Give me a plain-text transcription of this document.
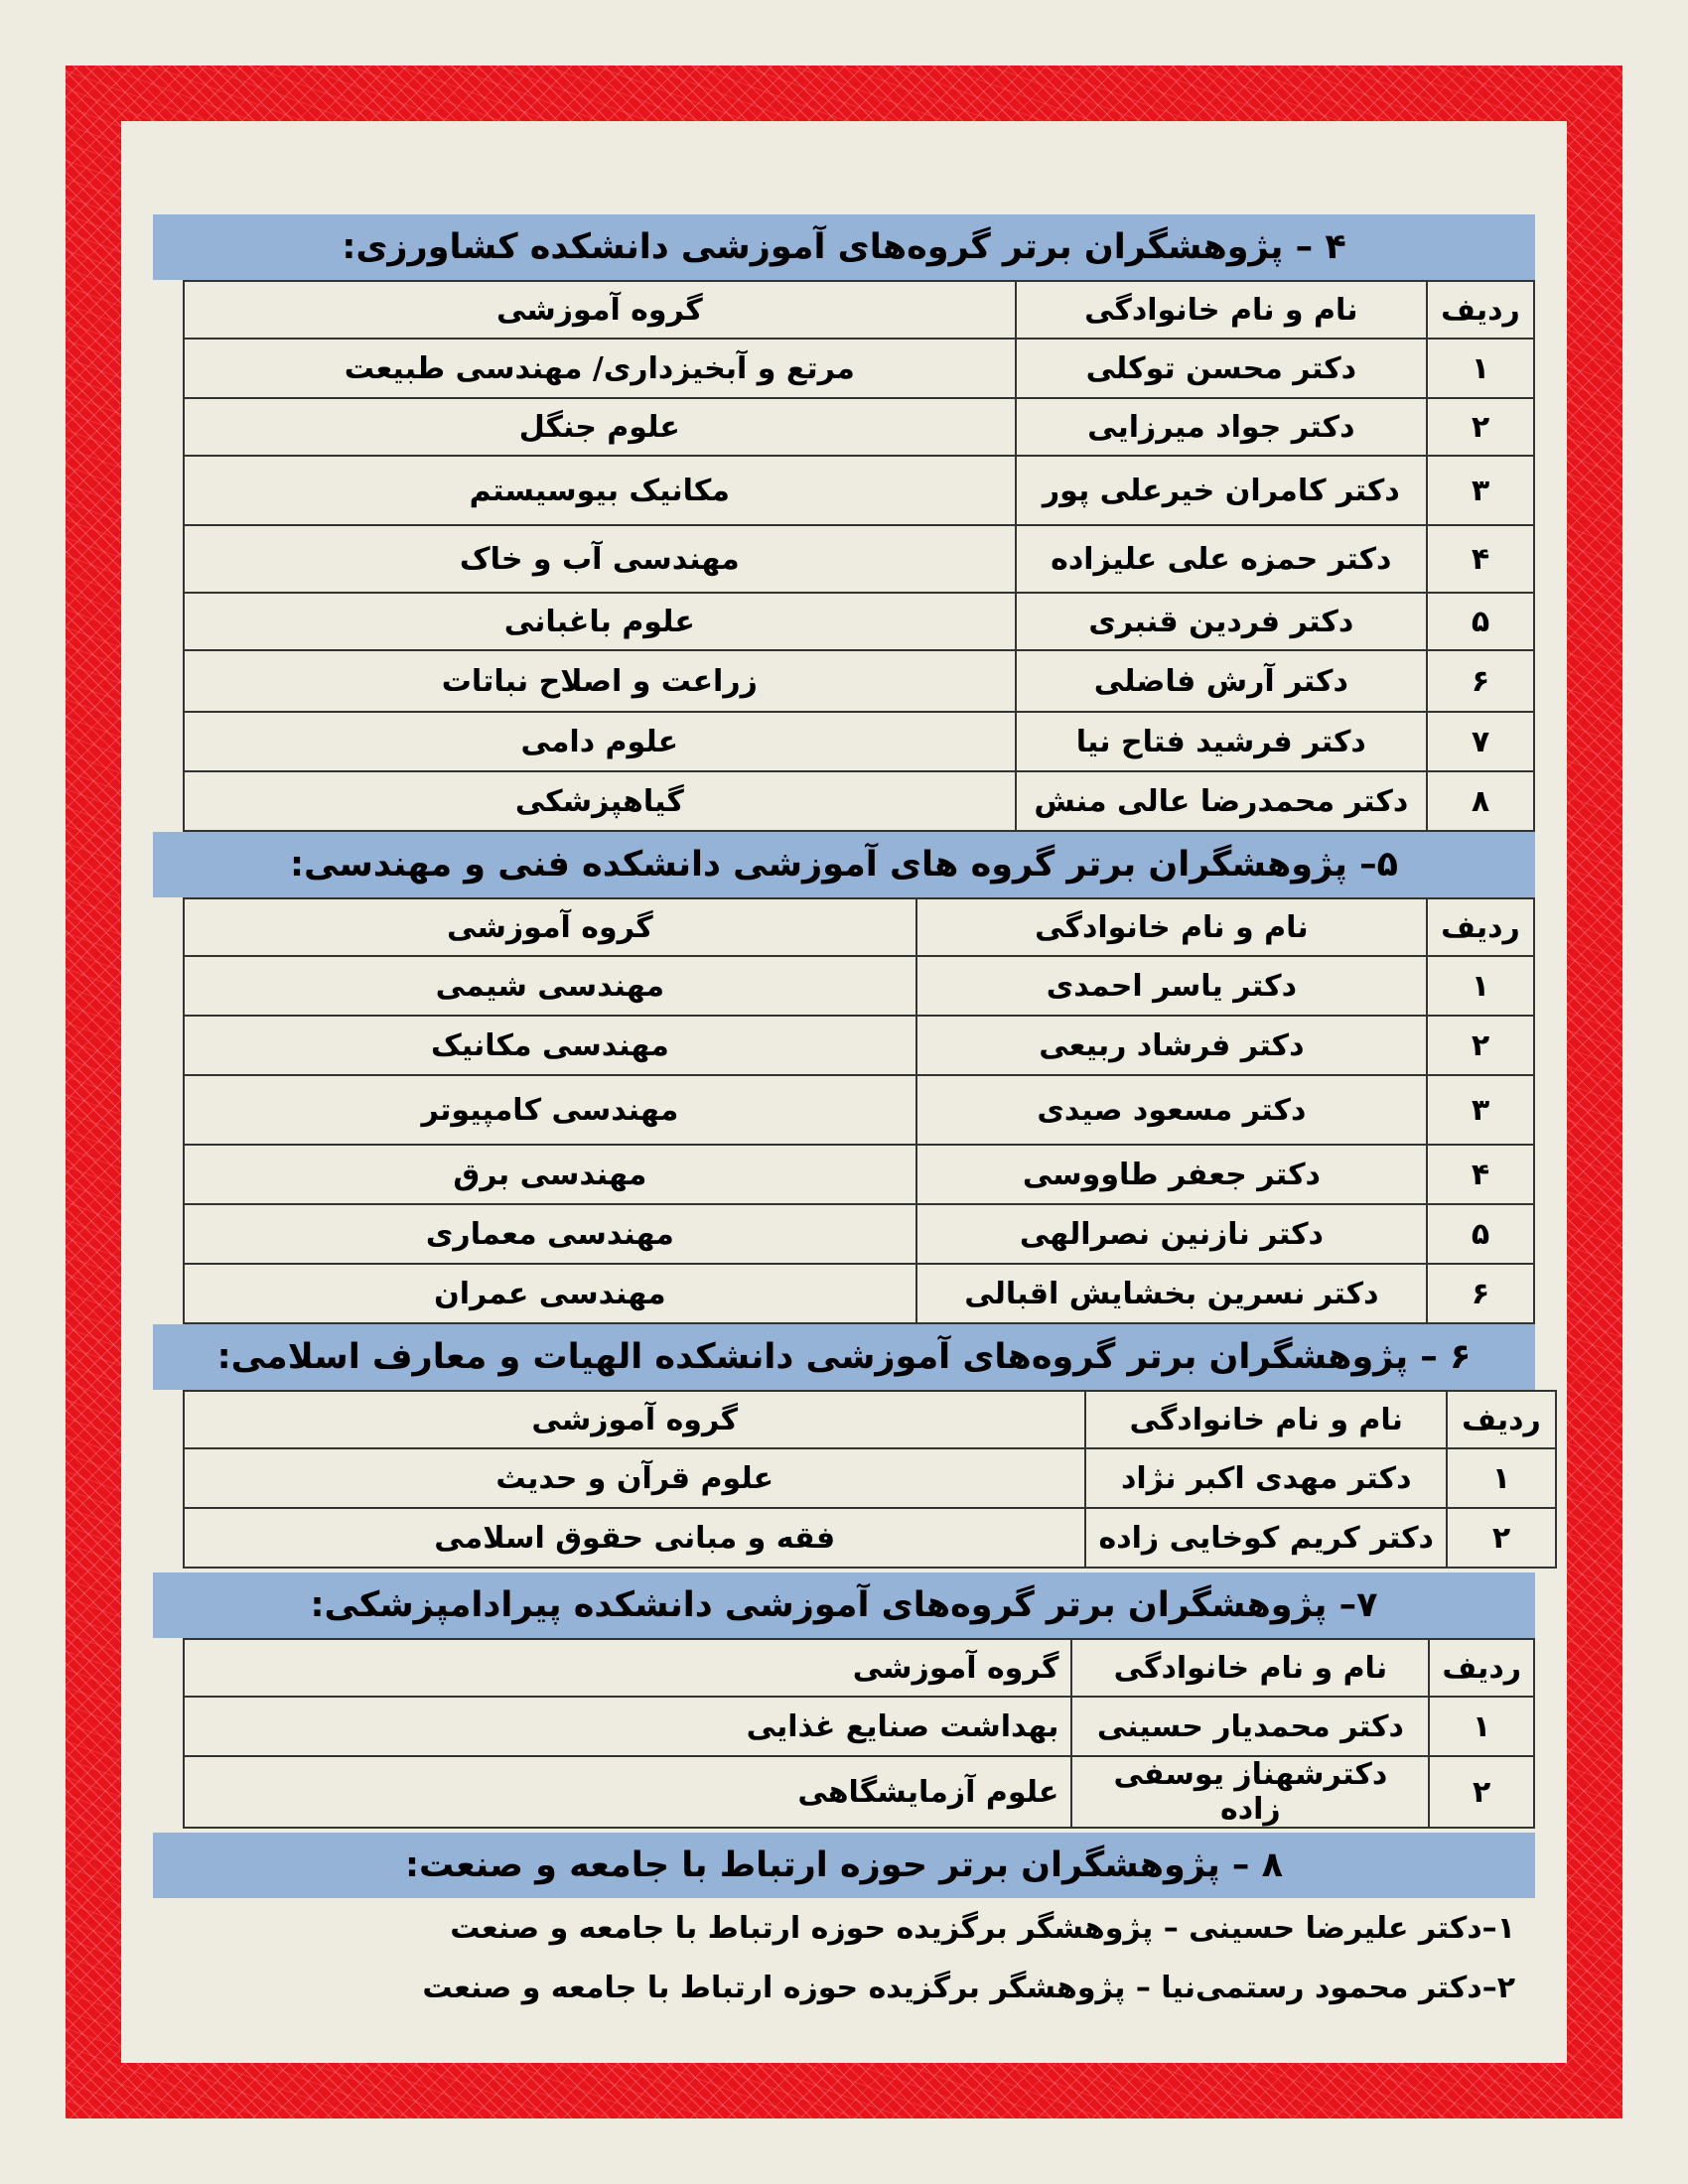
۴ – پژوهشگران برتر گروه‌های آموزشی دانشکده کشاورزی:
ردیف	نام و نام خانوادگی	گروه آموزشی
۱	دکتر محسن توکلی	مرتع و آبخیزداری/ مهندسی طبیعت
۲	دکتر جواد میرزایی	علوم جنگل
۳	دکتر کامران خیرعلی پور	مکانیک بیوسیستم
۴	دکتر حمزه علی علیزاده	مهندسی آب و خاک
۵	دکتر فردین قنبری	علوم باغبانی
۶	دکتر آرش فاضلی	زراعت و اصلاح نباتات
۷	دکتر فرشید فتاح نیا	علوم دامی
۸	دکتر محمدرضا عالی منش	گیاهپزشکی
۵– پژوهشگران برتر گروه های آموزشی دانشکده فنی و مهندسی:
ردیف	نام و نام خانوادگی	گروه آموزشی
۱	دکتر یاسر احمدی	مهندسی شیمی
۲	دکتر فرشاد ربیعی	مهندسی مکانیک
۳	دکتر مسعود صیدی	مهندسی کامپیوتر
۴	دکتر جعفر طاووسی	مهندسی برق
۵	دکتر نازنین نصرالهی	مهندسی معماری
۶	دکتر نسرین بخشایش اقبالی	مهندسی عمران
۶ – پژوهشگران برتر گروه‌های آموزشی دانشکده الهیات و معارف اسلامی:
ردیف	نام و نام خانوادگی	گروه آموزشی
۱	دکتر مهدی اکبر نژاد	علوم قرآن و حدیث
۲	دکتر کریم کوخایی زاده	فقه و مبانی حقوق اسلامی
۷– پژوهشگران برتر گروه‌های آموزشی دانشکده پیرادامپزشکی:
ردیف	نام و نام خانوادگی	گروه آموزشی
۱	دکتر محمدیار حسینی	بهداشت صنایع غذایی
۲	دکترشهناز یوسفی زاده	علوم آزمایشگاهی
۸ – پژوهشگران برتر حوزه ارتباط با جامعه و صنعت:
۱–دکتر علیرضا حسینی – پژوهشگر برگزیده حوزه ارتباط با جامعه و صنعت
۲–دکتر محمود رستمی‌نیا – پژوهشگر برگزیده حوزه ارتباط با جامعه و صنعت
